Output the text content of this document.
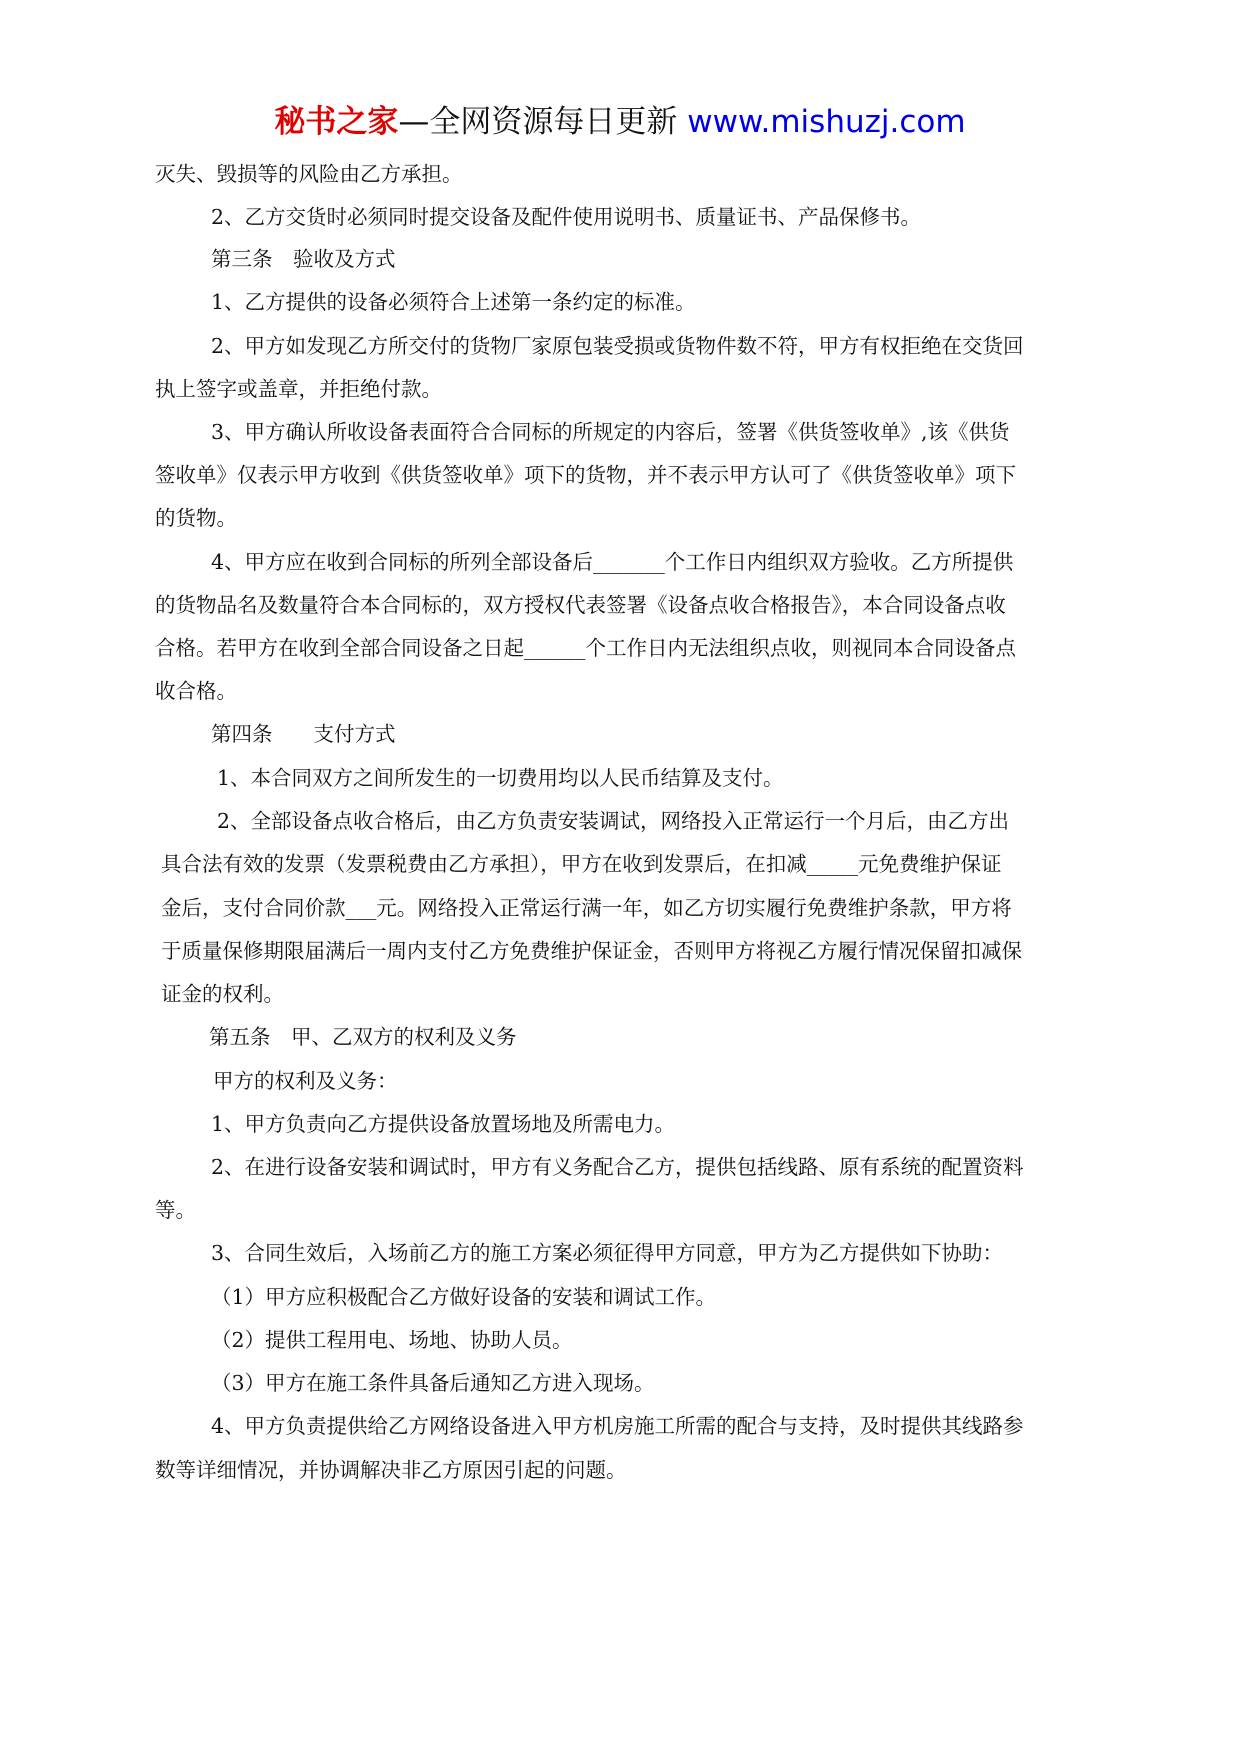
秘书之家—全网资源每日更新 www.mishuzj.com
灭失、毁损等的风险由乙方承担。
2、乙方交货时必须同时提交设备及配件使用说明书、质量证书、产品保修书。
第三条　验收及方式
1、乙方提供的设备必须符合上述第一条约定的标准。
2、甲方如发现乙方所交付的货物厂家原包装受损或货物件数不符，甲方有权拒绝在交货回
执上签字或盖章，并拒绝付款。
3、甲方确认所收设备表面符合合同标的所规定的内容后，签署《供货签收单》,该《供货
签收单》仅表示甲方收到《供货签收单》项下的货物，并不表示甲方认可了《供货签收单》项下
的货物。
4、甲方应在收到合同标的所列全部设备后_______个工作日内组织双方验收。乙方所提供
的货物品名及数量符合本合同标的，双方授权代表签署《设备点收合格报告》，本合同设备点收
合格。若甲方在收到全部合同设备之日起______个工作日内无法组织点收，则视同本合同设备点
收合格。
第四条　　支付方式
1、本合同双方之间所发生的一切费用均以人民币结算及支付。
2、全部设备点收合格后，由乙方负责安装调试，网络投入正常运行一个月后，由乙方出
具合法有效的发票（发票税费由乙方承担），甲方在收到发票后，在扣减_____元免费维护保证
金后，支付合同价款___元。网络投入正常运行满一年，如乙方切实履行免费维护条款，甲方将
于质量保修期限届满后一周内支付乙方免费维护保证金，否则甲方将视乙方履行情况保留扣减保
证金的权利。
第五条　甲、乙双方的权利及义务
甲方的权利及义务：
1、甲方负责向乙方提供设备放置场地及所需电力。
2、在进行设备安装和调试时，甲方有义务配合乙方，提供包括线路、原有系统的配置资料
等。
3、合同生效后，入场前乙方的施工方案必须征得甲方同意，甲方为乙方提供如下协助：
（1）甲方应积极配合乙方做好设备的安装和调试工作。
（2）提供工程用电、场地、协助人员。
（3）甲方在施工条件具备后通知乙方进入现场。
4、甲方负责提供给乙方网络设备进入甲方机房施工所需的配合与支持，及时提供其线路参
数等详细情况，并协调解决非乙方原因引起的问题。
